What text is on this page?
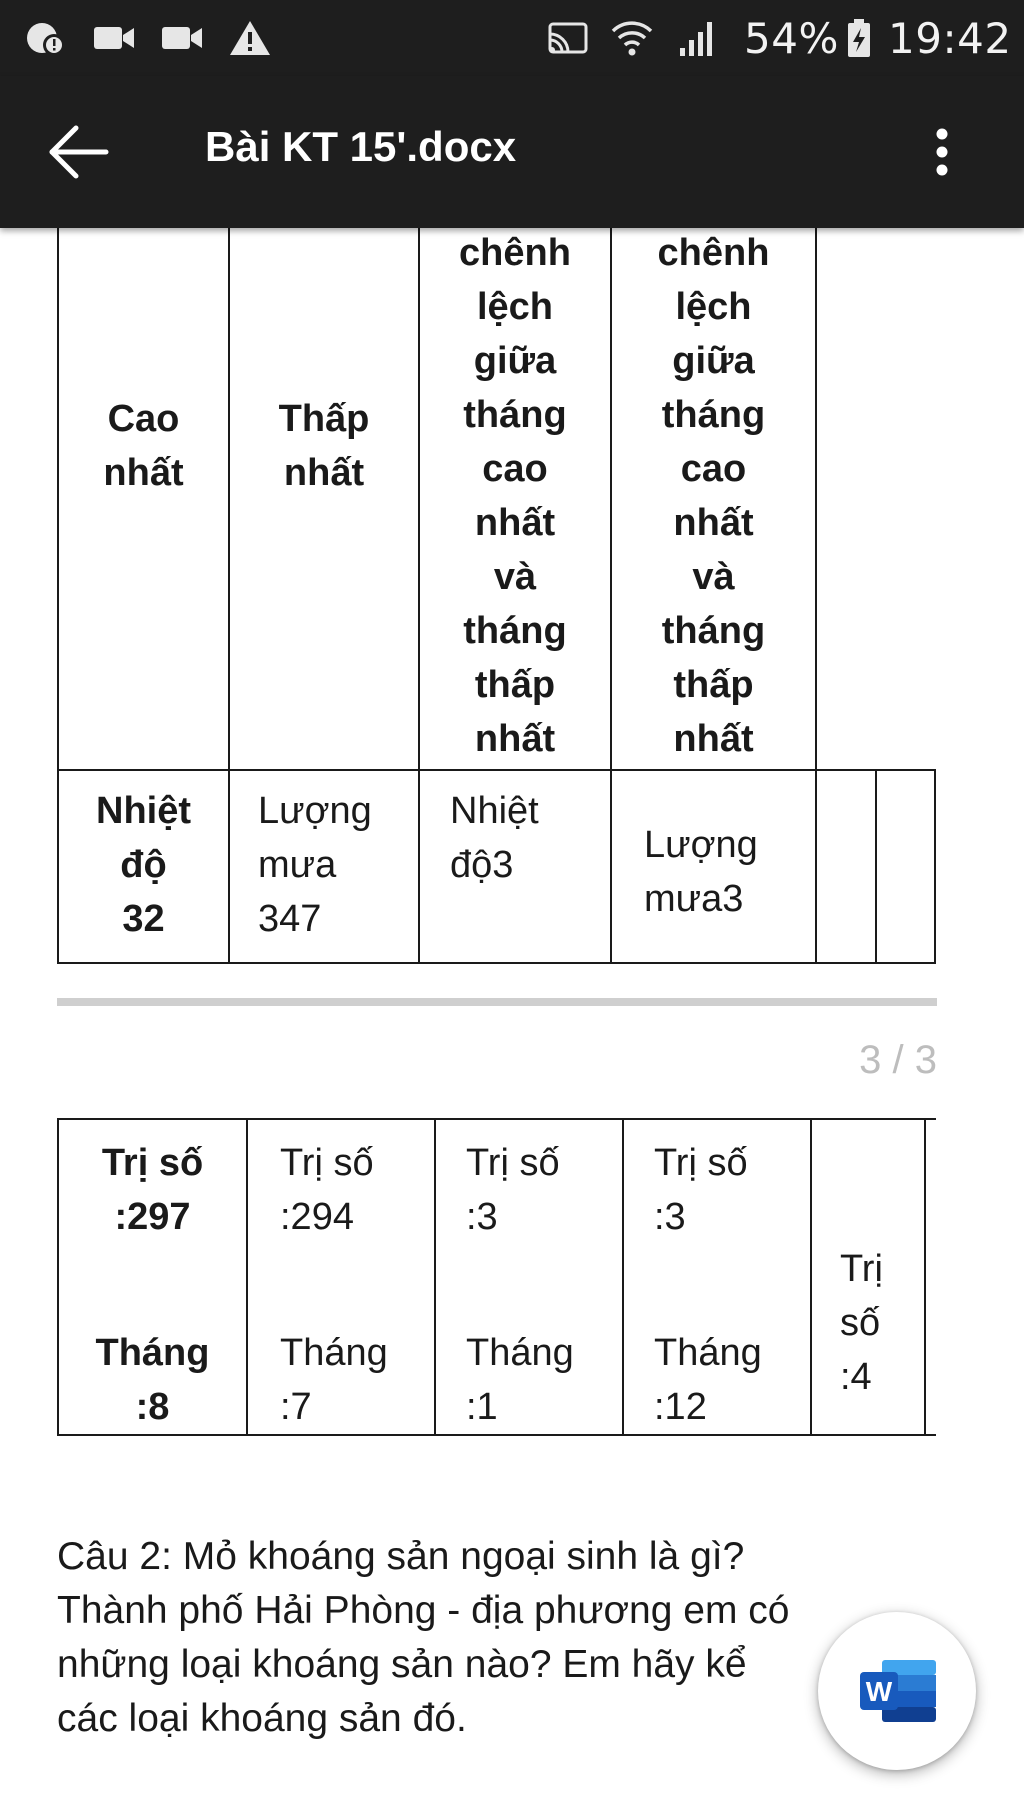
54% 19:42
Bài KT 15'.docx
Cao
nhất
Thấp
nhất
chênh
lệch
giữa
tháng
cao
nhất
và
tháng
thấp
nhất
chênh
lệch
giữa
tháng
cao
nhất
và
tháng
thấp
nhất
Nhiệt
độ
32
Lượng
mưa
347
Nhiệt
độ3	Lượng
mưa3
3 / 3
Trị số
:297
Tháng
:8
Trị số
:294
Tháng
:7
Trị số
:3
Tháng
:1
Trị số
:3
Tháng
:12
Trị
số
:4
Câu 2: Mỏ khoáng sản ngoại sinh là gì?
Thành phố Hải Phòng - địa phương em có
những loại khoáng sản nào? Em hãy kể
các loại khoáng sản đó.
W
